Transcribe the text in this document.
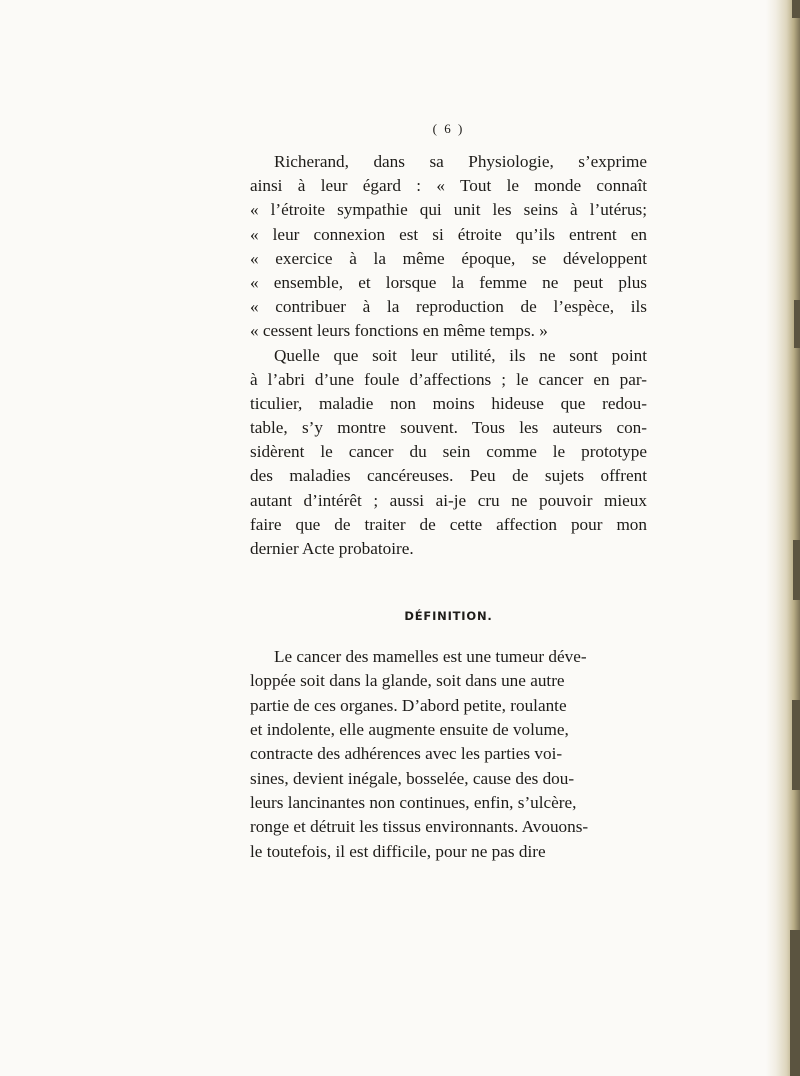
( 6 )

Richerand, dans sa Physiologie, s’exprime

ainsi à leur égard : « Tout le monde connaît

« l’étroite sympathie qui unit les seins à l’utérus;

« leur connexion est si étroite qu’ils entrent en

« exercice à la même époque, se développent

« ensemble, et lorsque la femme ne peut plus

« contribuer à la reproduction de l’espèce, ils

« cessent leurs fonctions en même temps. »

Quelle que soit leur utilité, ils ne sont point

à l’abri d’une foule d’affections ; le cancer en par-

ticulier, maladie non moins hideuse que redou-

table, s’y montre souvent. Tous les auteurs con-

sidèrent le cancer du sein comme le prototype

des maladies cancéreuses. Peu de sujets offrent

autant d’intérêt ; aussi ai-je cru ne pouvoir mieux

faire que de traiter de cette affection pour mon

dernier Acte probatoire.

DÉFINITION.

Le cancer des mamelles est une tumeur déve-

loppée soit dans la glande, soit dans une autre

partie de ces organes. D’abord petite, roulante

et indolente, elle augmente ensuite de volume,

contracte des adhérences avec les parties voi-

sines, devient inégale, bosselée, cause des dou-

leurs lancinantes non continues, enfin, s’ulcère,

ronge et détruit les tissus environnants. Avouons-

le toutefois, il est difficile, pour ne pas dire
